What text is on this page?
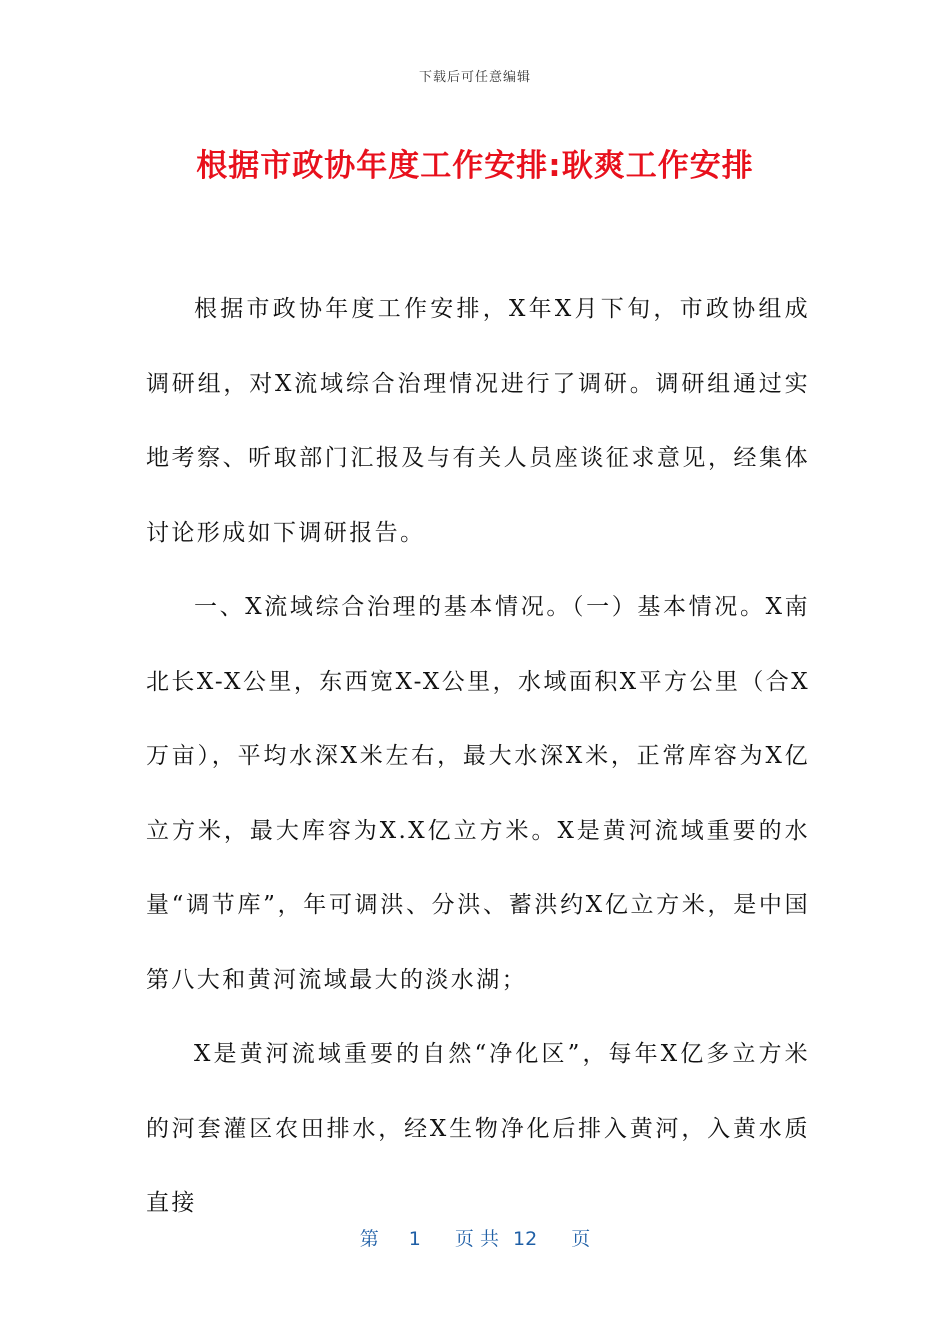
下载后可任意编辑
根据市政协年度工作安排:耿爽工作安排

根据市政协年度工作安排，X年X月下旬，市政协组成调研组，对X流域综合治理情况进行了调研。调研组通过实地考察、听取部门汇报及与有关人员座谈征求意见，经集体讨论形成如下调研报告。

一、X流域综合治理的基本情况。（一）基本情况。X南北长X-X公里，东西宽X-X公里，水域面积X平方公里（合X万亩），平均水深X米左右，最大水深X米，正常库容为X亿立方米，最大库容为X.X亿立方米。X是黄河流域重要的水量“调节库”，年可调洪、分洪、蓄洪约X亿立方米，是中国第八大和黄河流域最大的淡水湖；

X是黄河流域重要的自然“净化区”，每年X亿多立方米的河套灌区农田排水，经X生物净化后排入黄河，入黄水质直接

第 1 页 共 12 页
